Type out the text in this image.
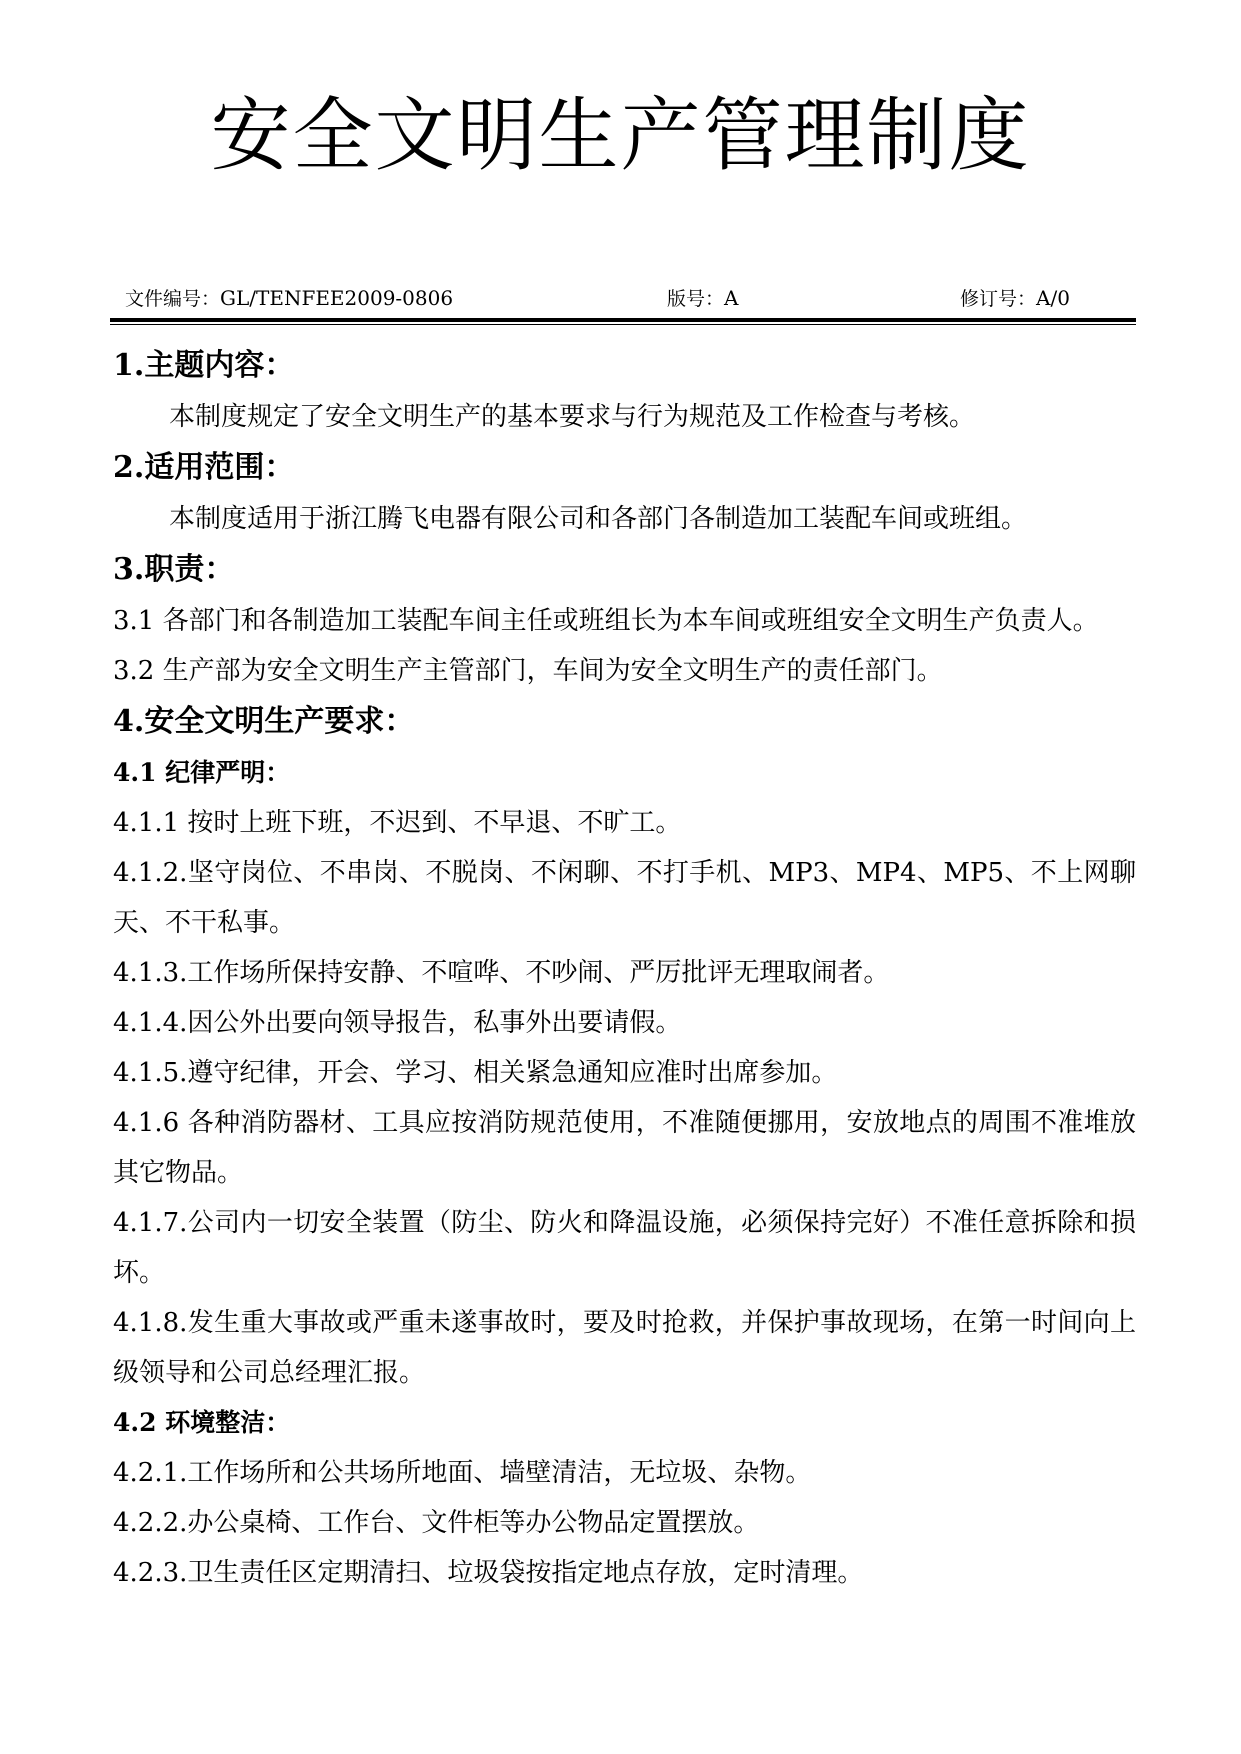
安全文明生产管理制度
文件编号：GL/TENFEE2009-0806	版号：A	修订号：A/0
1.主题内容：
本制度规定了安全文明生产的基本要求与行为规范及工作检查与考核。
2.适用范围：
本制度适用于浙江腾飞电器有限公司和各部门各制造加工装配车间或班组。
3.职责：
3.1 各部门和各制造加工装配车间主任或班组长为本车间或班组安全文明生产负责人。
3.2 生产部为安全文明生产主管部门，车间为安全文明生产的责任部门。
4.安全文明生产要求：
4.1 纪律严明：
4.1.1 按时上班下班，不迟到、不早退、不旷工。
4.1.2.坚守岗位、不串岗、不脱岗、不闲聊、不打手机、MP3、MP4、MP5、不上网聊天、不干私事。
4.1.3.工作场所保持安静、不喧哗、不吵闹、严厉批评无理取闹者。
4.1.4.因公外出要向领导报告，私事外出要请假。
4.1.5.遵守纪律，开会、学习、相关紧急通知应准时出席参加。
4.1.6 各种消防器材、工具应按消防规范使用，不准随便挪用，安放地点的周围不准堆放其它物品。
4.1.7.公司内一切安全装置（防尘、防火和降温设施，必须保持完好）不准任意拆除和损坏。
4.1.8.发生重大事故或严重未遂事故时，要及时抢救，并保护事故现场，在第一时间向上级领导和公司总经理汇报。
4.2 环境整洁：
4.2.1.工作场所和公共场所地面、墙壁清洁，无垃圾、杂物。
4.2.2.办公桌椅、工作台、文件柜等办公物品定置摆放。
4.2.3.卫生责任区定期清扫、垃圾袋按指定地点存放，定时清理。
